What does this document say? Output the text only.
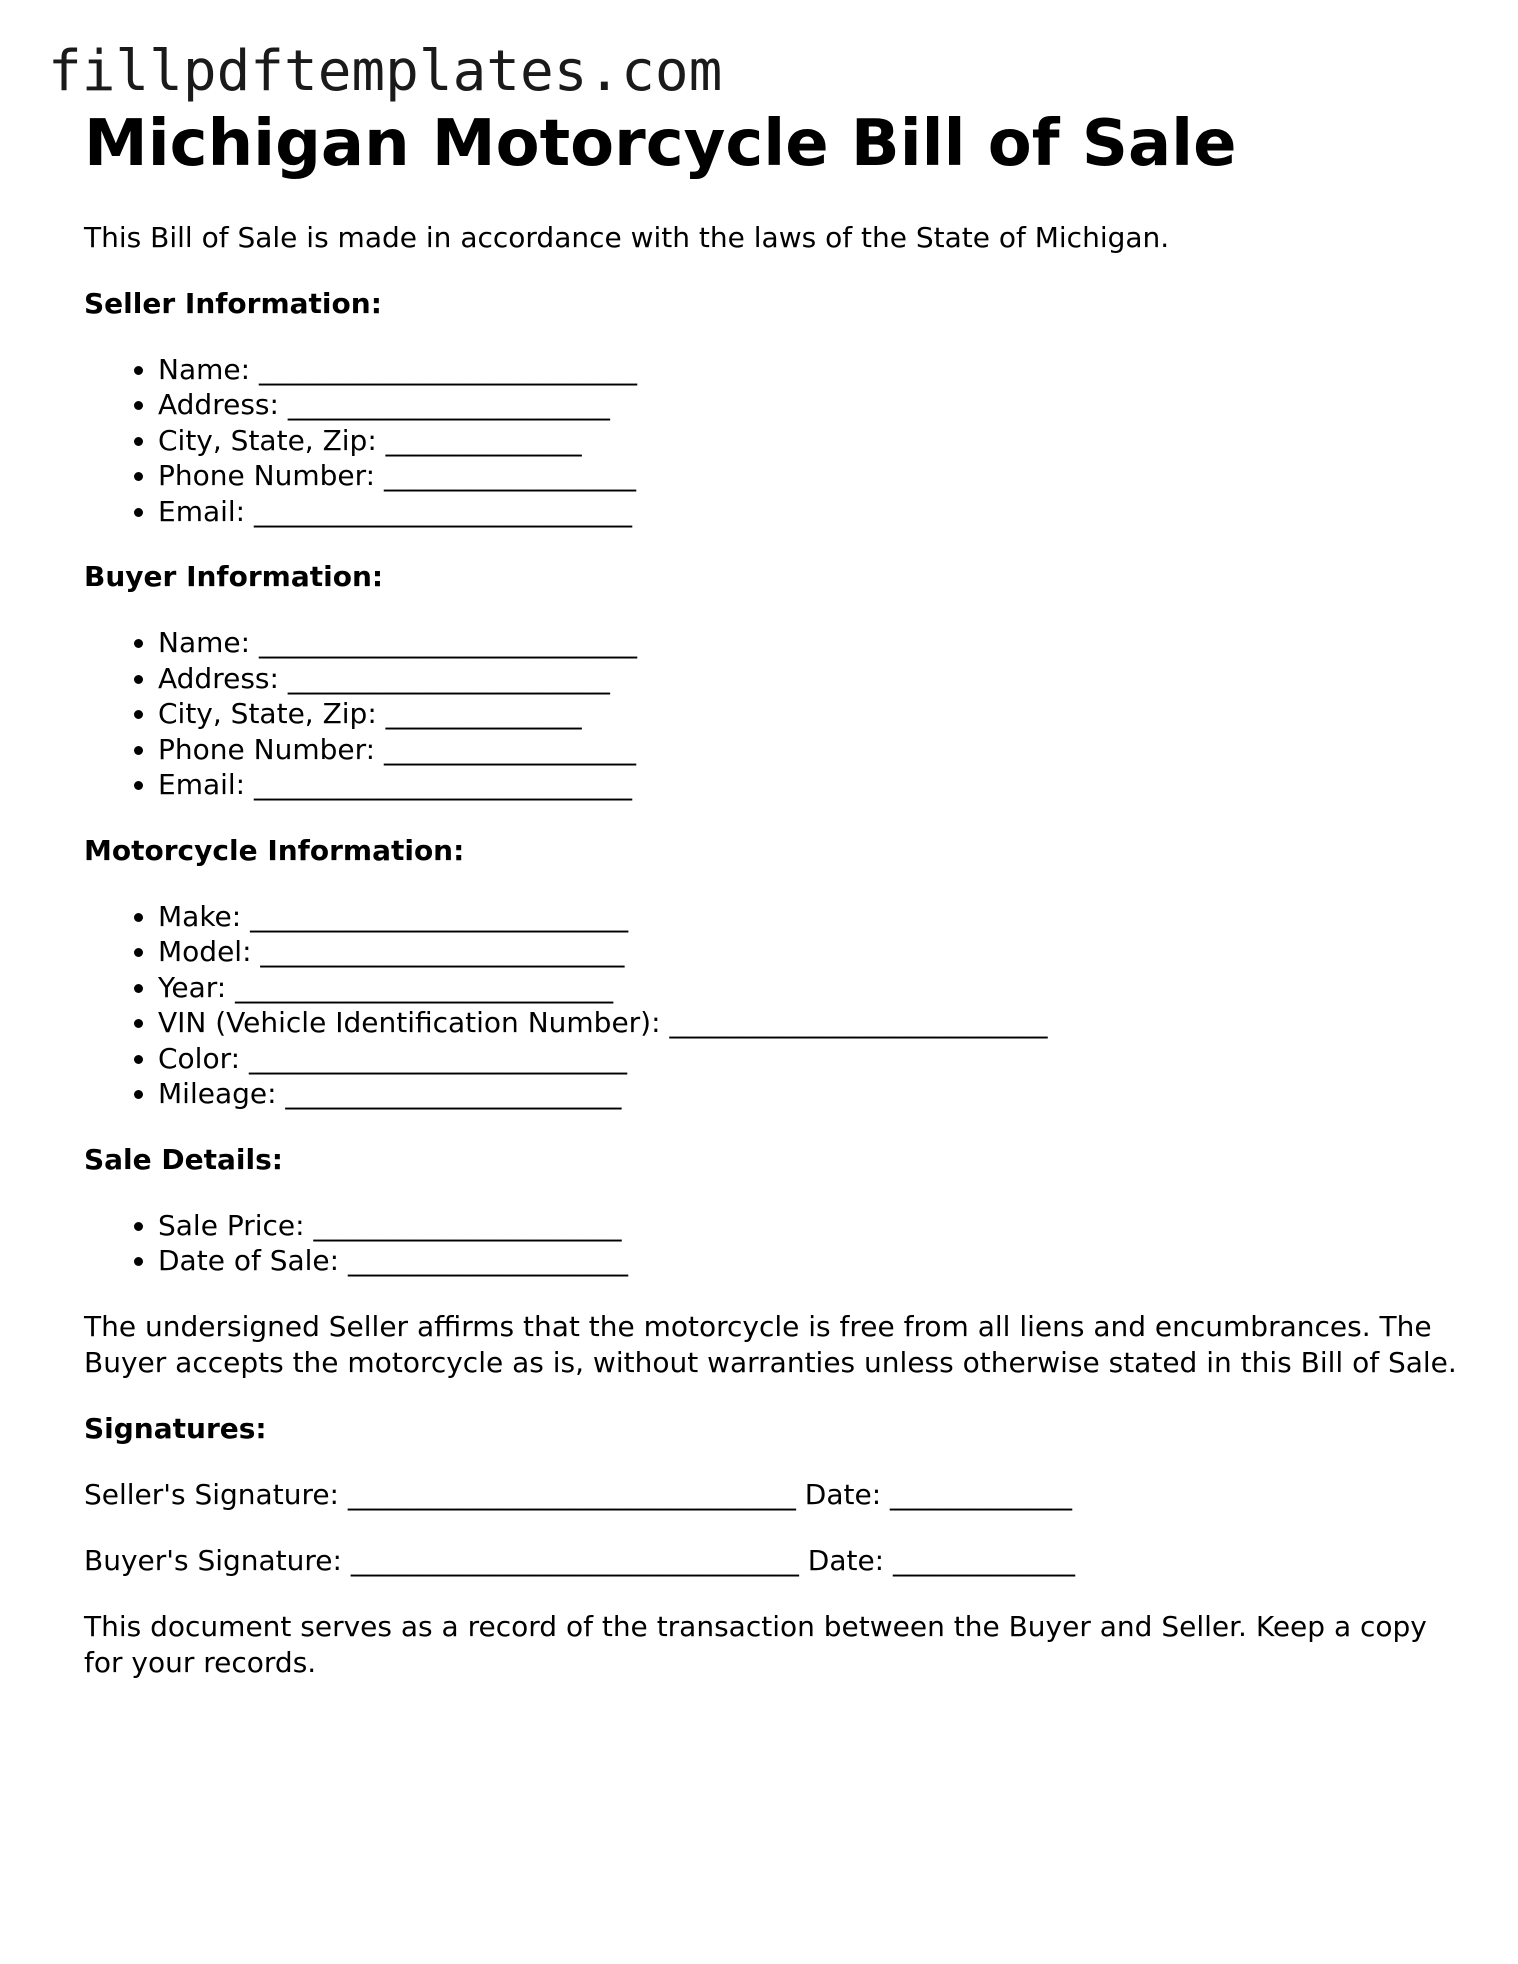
fillpdftemplates.com
Michigan Motorcycle Bill of Sale

This Bill of Sale is made in accordance with the laws of the State of Michigan.

Seller Information:
• Name: ___________________________
• Address: _______________________
• City, State, Zip: ______________
• Phone Number: __________________
• Email: ___________________________
Buyer Information:
• Name: ___________________________
• Address: _______________________
• City, State, Zip: ______________
• Phone Number: __________________
• Email: ___________________________
Motorcycle Information:
• Make: ___________________________
• Model: __________________________
• Year: ___________________________
• VIN (Vehicle Identification Number): ___________________________
• Color: ___________________________
• Mileage: ________________________
Sale Details:
• Sale Price: ______________________
• Date of Sale: ____________________

The undersigned Seller affirms that the motorcycle is free from all liens and encumbrances. The Buyer accepts the motorcycle as is, without warranties unless otherwise stated in this Bill of Sale.

Signatures:

Seller's Signature: ________________________________ Date: _____________

Buyer's Signature: ________________________________ Date: _____________

This document serves as a record of the transaction between the Buyer and Seller. Keep a copy for your records.
